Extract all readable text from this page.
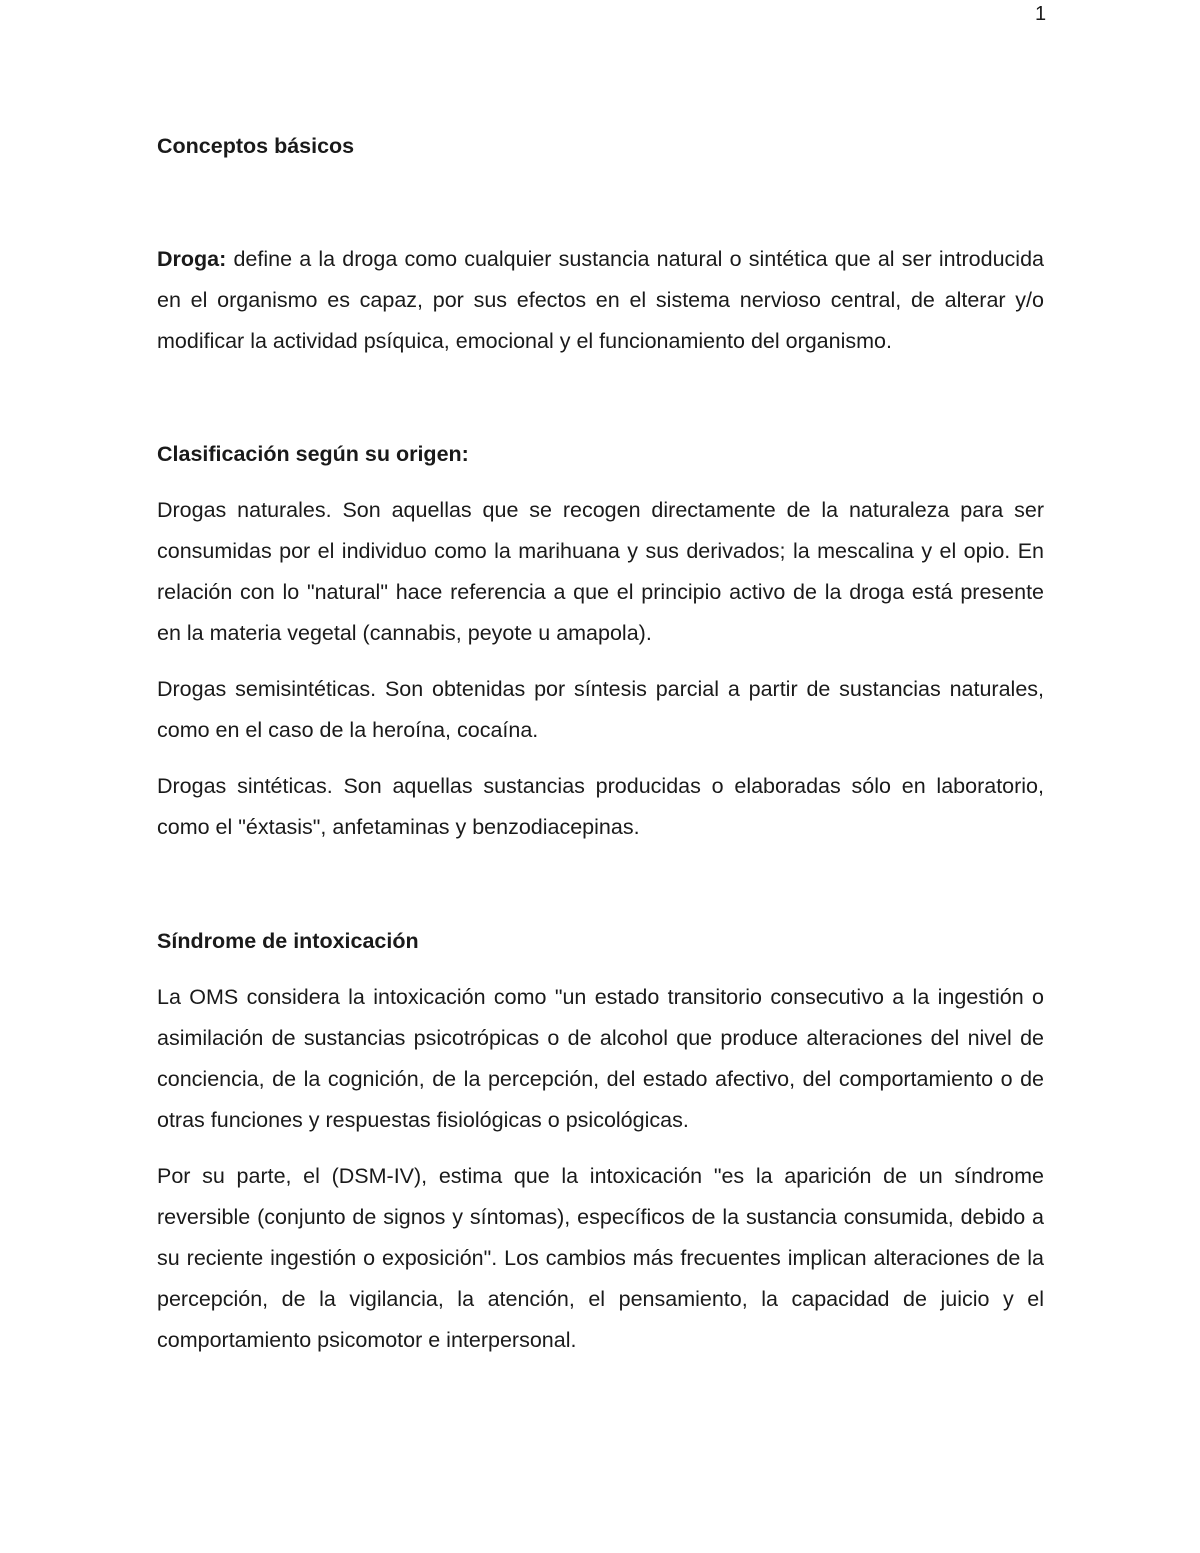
1
Conceptos básicos

Droga: define a la droga como cualquier sustancia natural o sintética que al ser introducida en el organismo es capaz, por sus efectos en el sistema nervioso central, de alterar y/o modificar la actividad psíquica, emocional y el funcionamiento del organismo.

Clasificación según su origen:

Drogas naturales. Son aquellas que se recogen directamente de la naturaleza para ser consumidas por el individuo como la marihuana y sus derivados; la mescalina y el opio. En relación con lo "natural" hace referencia a que el principio activo de la droga está presente en la materia vegetal (cannabis, peyote u amapola).

Drogas semisintéticas. Son obtenidas por síntesis parcial a partir de sustancias naturales, como en el caso de la heroína, cocaína.

Drogas sintéticas. Son aquellas sustancias producidas o elaboradas sólo en laboratorio, como el "éxtasis", anfetaminas y benzodiacepinas.

Síndrome de intoxicación

La OMS considera la intoxicación como "un estado transitorio consecutivo a la ingestión o asimilación de sustancias psicotrópicas o de alcohol que produce alteraciones del nivel de conciencia, de la cognición, de la percepción, del estado afectivo, del comportamiento o de otras funciones y respuestas fisiológicas o psicológicas.

Por su parte, el (DSM-IV), estima que la intoxicación "es la aparición de un síndrome reversible (conjunto de signos y síntomas), específicos de la sustancia consumida, debido a su reciente ingestión o exposición". Los cambios más frecuentes implican alteraciones de la percepción, de la vigilancia, la atención, el pensamiento, la capacidad de juicio y el comportamiento psicomotor e interpersonal.
